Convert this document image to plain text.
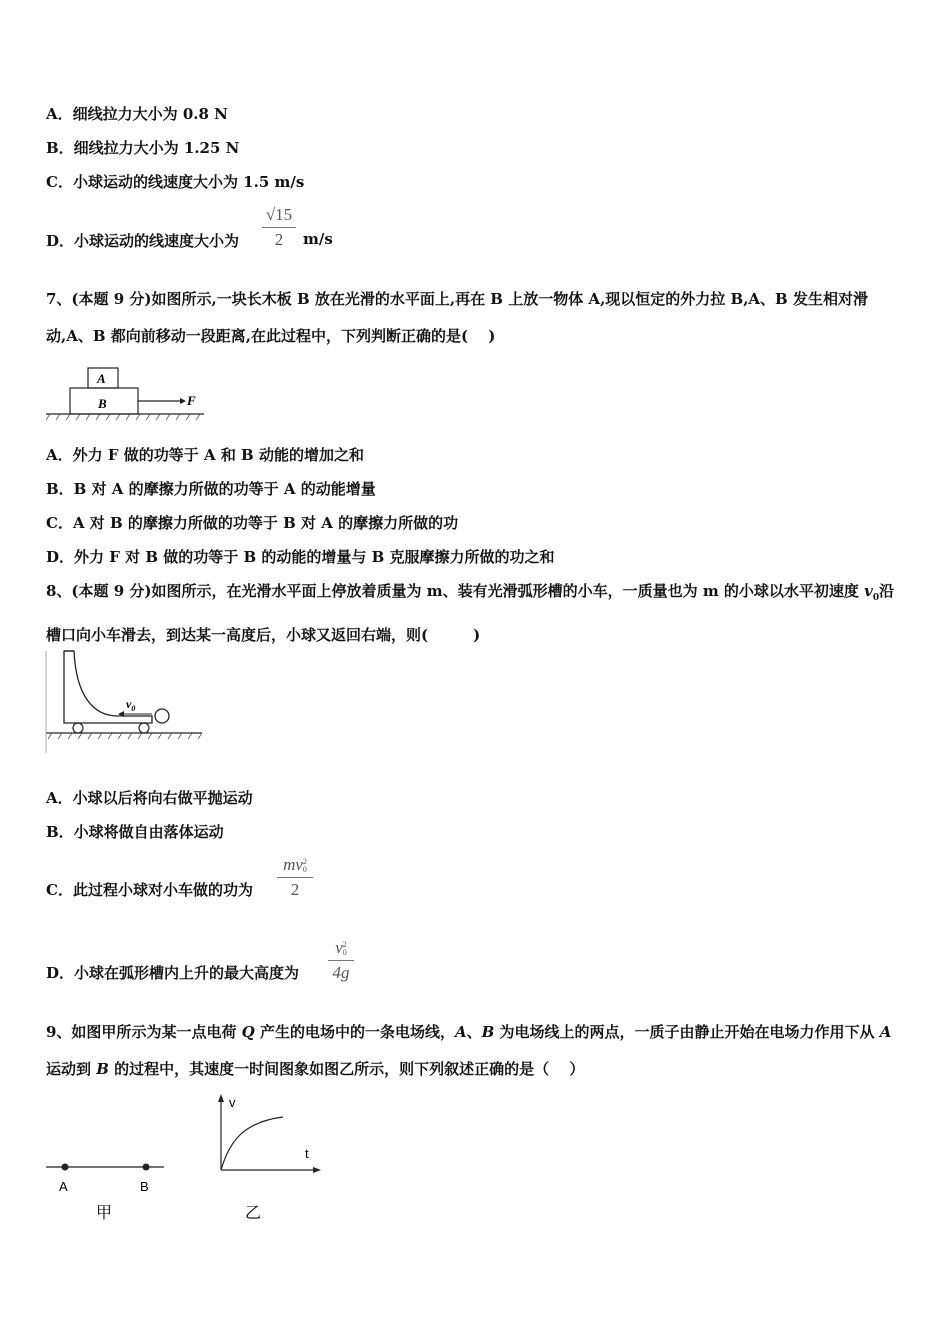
A．细线拉力大小为 0.8 N
B．细线拉力大小为 1.25 N
C．小球运动的线速度大小为 1.5 m/s
D．小球运动的线速度大小为
√15
2	m/s
7、(本题 9 分)如图所示,一块长木板 B 放在光滑的水平面上,再在 B 上放一物体 A,现以恒定的外力拉 B,A、B 发生相对滑动,A、B 都向前移动一段距离,在此过程中，下列判断正确的是(　 )
A
B	F
A．外力 F 做的功等于 A 和 B 动能的增加之和
B．B 对 A 的摩擦力所做的功等于 A 的动能增量
C．A 对 B 的摩擦力所做的功等于 B 对 A 的摩擦力所做的功
D．外力 F 对 B 做的功等于 B 的动能的增量与 B 克服摩擦力所做的功之和
8、(本题 9 分)如图所示，在光滑水平面上停放着质量为 m、装有光滑弧形槽的小车，一质量也为 m 的小球以水平初速度 $v_0$沿槽口向小车滑去，到达某一高度后，小球又返回右端，则(　　　)
$v_0$
A．小球以后将向右做平抛运动
B．小球将做自由落体运动
C．此过程小球对小车做的功为
mv 2
0
2
D．小球在弧形槽内上升的最大高度为
v 2
0
4g
9、如图甲所示为某一点电荷 Q 产生的电场中的一条电场线，A、B 为电场线上的两点，一质子由静止开始在电场力作用下从 A 运动到 B 的过程中，其速度一时间图象如图乙所示，则下列叙述正确的是（　 ）
A	B
甲
v
t
乙
